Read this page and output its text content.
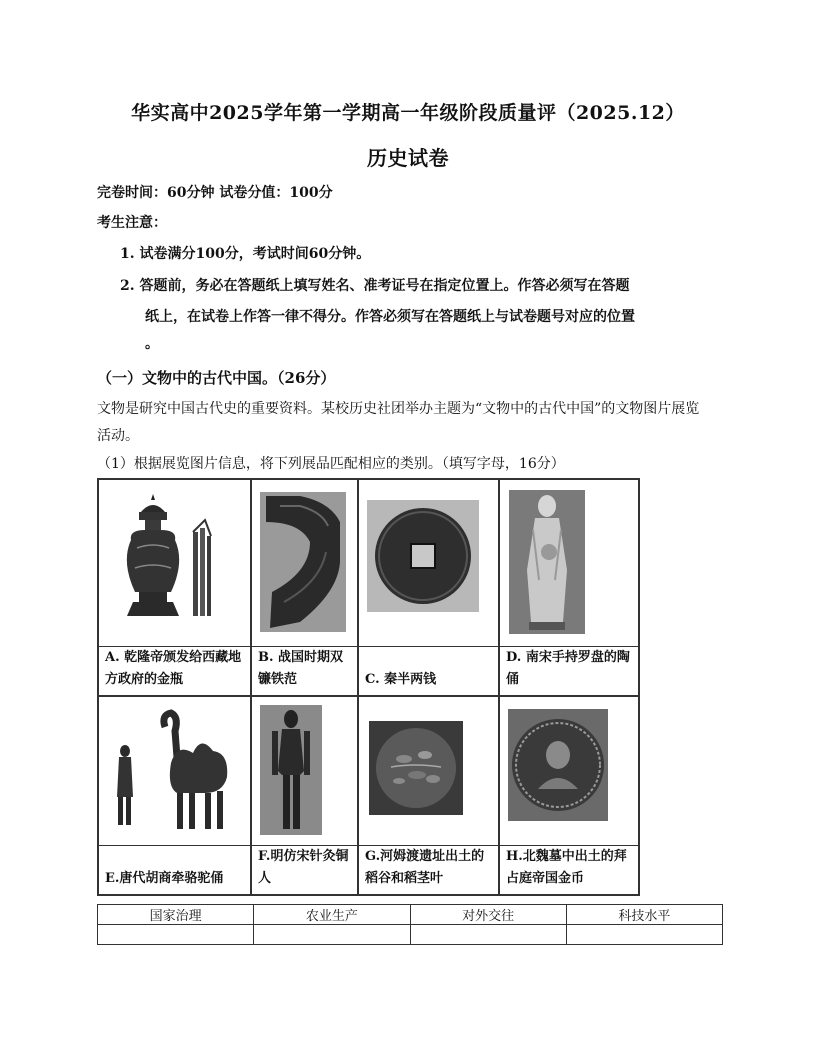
华实高中2025学年第一学期高一年级阶段质量评（2025.12）
历史试卷
完卷时间：60分钟 试卷分值：100分
考生注意：
1. 试卷满分100分，考试时间60分钟。
2. 答题前，务必在答题纸上填写姓名、准考证号在指定位置上。作答必须写在答题
纸上，在试卷上作答一律不得分。作答必须写在答题纸上与试卷题号对应的位置
。
（一）文物中的古代中国。（26分）
文物是研究中国古代史的重要资料。某校历史社团举办主题为“文物中的古代中国”的文物图片展览
活动。
（1）根据展览图片信息，将下列展品匹配相应的类别。（填写字母，16分）
A. 乾隆帝颁发给西藏地
方政府的金瓶
B. 战国时期双
镰铁范	C. 秦半两钱
D. 南宋手持罗盘的陶
俑
E.唐代胡商牵骆驼俑
F.明仿宋针灸铜
人
G.河姆渡遗址出土的
稻谷和稻茎叶
H.北魏墓中出土的拜
占庭帝国金币
国家治理	农业生产	对外交往	科技水平
